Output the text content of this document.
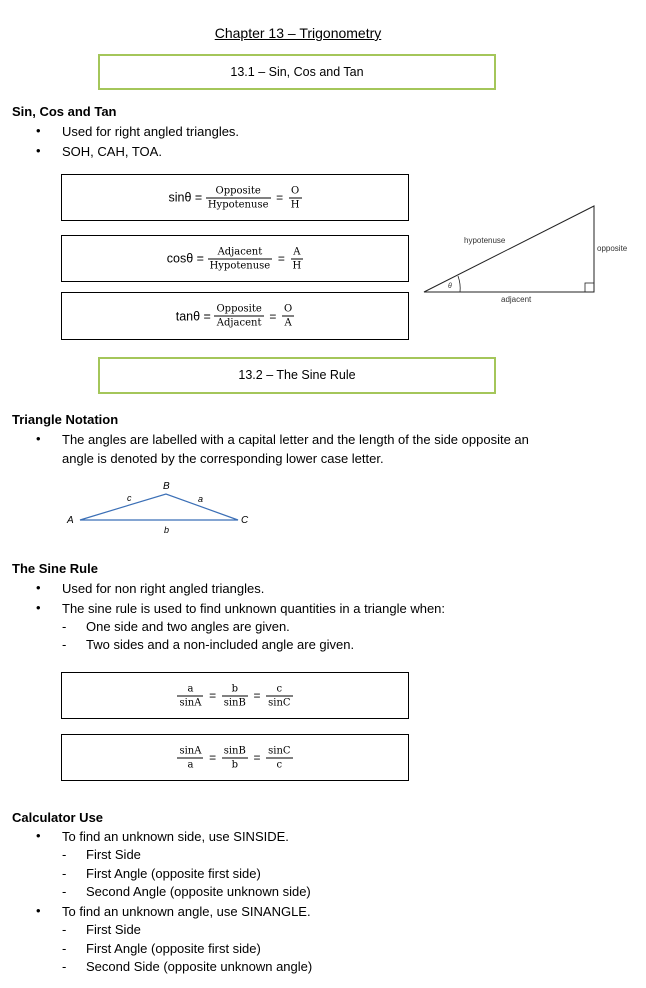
Chapter 13 – Trigonometry
13.1 – Sin, Cos and Tan
Sin, Cos and Tan
• Used for right angled triangles.
• SOH, CAH, TOA.
$\sin\theta = \frac{\text{Opposite}}{\text{Hypotenuse}} = \frac{O}{H}$
$\cos\theta = \frac{\text{Adjacent}}{\text{Hypotenuse}} = \frac{A}{H}$
$\tan\theta = \frac{\text{Opposite}}{\text{Adjacent}} = \frac{O}{A}$
hypotenuse
opposite
adjacent
θ
13.2 – The Sine Rule
Triangle Notation
• The angles are labelled with a capital letter and the length of the side opposite an
angle is denoted by the corresponding lower case letter.
A
B
C
a
b
c
The Sine Rule
• Used for non right angled triangles.
• The sine rule is used to find unknown quantities in a triangle when:
- One side and two angles are given.
- Two sides and a non-included angle are given.
$\frac{a}{\sin A} = \frac{b}{\sin B} = \frac{c}{\sin C}$
$\frac{\sin A}{a} = \frac{\sin B}{b} = \frac{\sin C}{c}$
Calculator Use
• To find an unknown side, use SINSIDE.
- First Side
- First Angle (opposite first side)
- Second Angle (opposite unknown side)
• To find an unknown angle, use SINANGLE.
- First Side
- First Angle (opposite first side)
- Second Side (opposite unknown angle)
